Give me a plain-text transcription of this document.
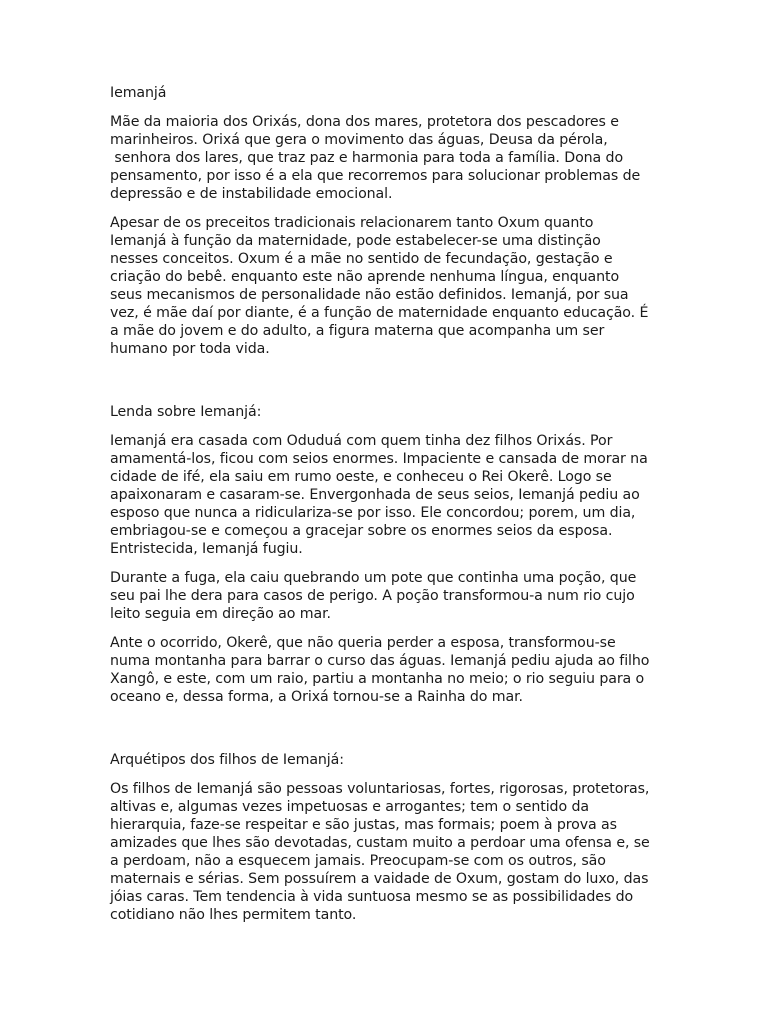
Iemanjá
Mãe da maioria dos Orixás, dona dos mares, protetora dos pescadores e
marinheiros. Orixá que gera o movimento das águas, Deusa da pérola,
senhora dos lares, que traz paz e harmonia para toda a família. Dona do
pensamento, por isso é a ela que recorremos para solucionar problemas de
depressão e de instabilidade emocional.
Apesar de os preceitos tradicionais relacionarem tanto Oxum quanto
Iemanjá à função da maternidade, pode estabelecer-se uma distinção
nesses conceitos. Oxum é a mãe no sentido de fecundação, gestação e
criação do bebê. enquanto este não aprende nenhuma língua, enquanto
seus mecanismos de personalidade não estão definidos. Iemanjá, por sua
vez, é mãe daí por diante, é a função de maternidade enquanto educação. É
a mãe do jovem e do adulto, a figura materna que acompanha um ser
humano por toda vida.
Lenda sobre Iemanjá:
Iemanjá era casada com Oduduá com quem tinha dez filhos Orixás. Por
amamentá-los, ficou com seios enormes. Impaciente e cansada de morar na
cidade de ifé, ela saiu em rumo oeste, e conheceu o Rei Okerê. Logo se
apaixonaram e casaram-se. Envergonhada de seus seios, Iemanjá pediu ao
esposo que nunca a ridicularizа-se por isso. Ele concordou; porem, um dia,
embriagou-se e começou a gracejar sobre os enormes seios da esposa.
Entristecida, Iemanjá fugiu.
Durante a fuga, ela caiu quebrando um pote que continha uma poção, que
seu pai lhe dera para casos de perigo. A poção transformou-a num rio cujo
leito seguia em direção ao mar.
Ante o ocorrido, Okerê, que não queria perder a esposa, transformou-se
numa montanha para barrar o curso das águas. Iemanjá pediu ajuda ao filho
Xangô, e este, com um raio, partiu a montanha no meio; o rio seguiu para o
oceano e, dessa forma, a Orixá tornou-se a Rainha do mar.
Arquétipos dos filhos de Iemanjá:
Os filhos de Iemanjá são pessoas voluntariosas, fortes, rigorosas, protetoras,
altivas e, algumas vezes impetuosas e arrogantes; tem o sentido da
hierarquia, faze-se respeitar e são justas, mas formais; poem à prova as
amizades que lhes são devotadas, custam muito a perdoar uma ofensa e, se
a perdoam, não a esquecem jamais. Preocupam-se com os outros, são
maternais e sérias. Sem possuírem a vaidade de Oxum, gostam do luxo, das
jóias caras. Tem tendencia à vida suntuosa mesmo se as possibilidades do
cotidiano não lhes permitem tanto.
